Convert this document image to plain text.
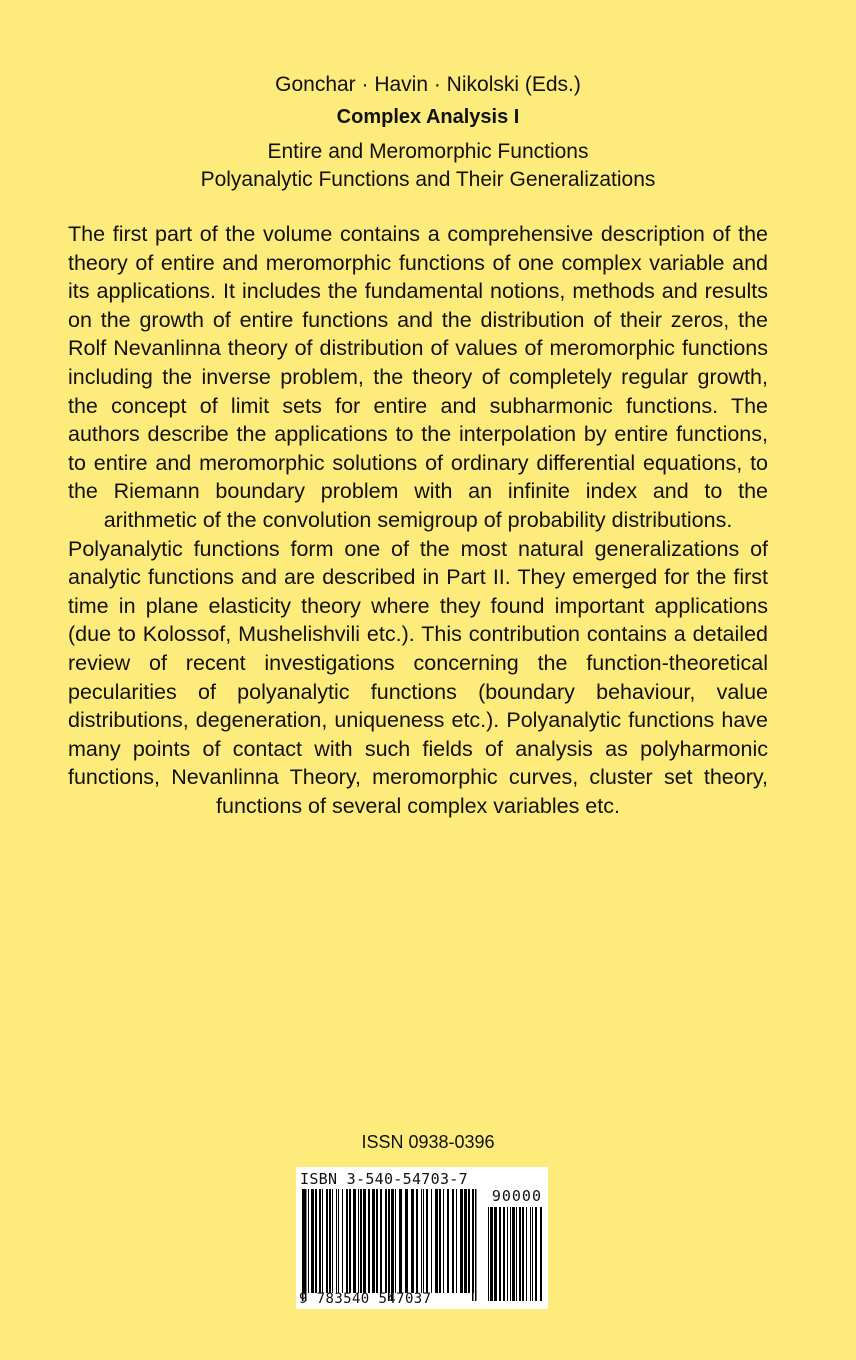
Gonchar · Havin · Nikolski (Eds.)
Complex Analysis I
Entire and Meromorphic Functions
Polyanalytic Functions and Their Generalizations

The first part of the volume contains a comprehensive description of the theory of entire and meromorphic functions of one complex variable and its applications. It includes the fundamental notions, methods and results on the growth of entire functions and the distribution of their zeros, the Rolf Nevanlinna theory of distribution of values of meromorphic functions including the inverse problem, the theory of completely regular growth, the concept of limit sets for entire and subharmonic functions. The authors describe the applications to the interpolation by entire functions, to entire and meromorphic solutions of ordinary differential equations, to the Riemann boundary problem with an infinite index and to the arithmetic of the convolution semigroup of probability distributions.

Polyanalytic functions form one of the most natural generalizations of analytic functions and are described in Part II. They emerged for the first time in plane elasticity theory where they found important applications (due to Kolossof, Mushelishvili etc.). This contribution contains a detailed review of recent investigations concerning the function-theoretical pecularities of polyanalytic functions (boundary behaviour, value distributions, degeneration, uniqueness etc.). Polyanalytic functions have many points of contact with such fields of analysis as polyharmonic functions, Nevanlinna Theory, meromorphic curves, cluster set theory, functions of several complex variables etc.

ISSN 0938-0396
ISBN 3-540-54703-7
90000
9 783540 547037
